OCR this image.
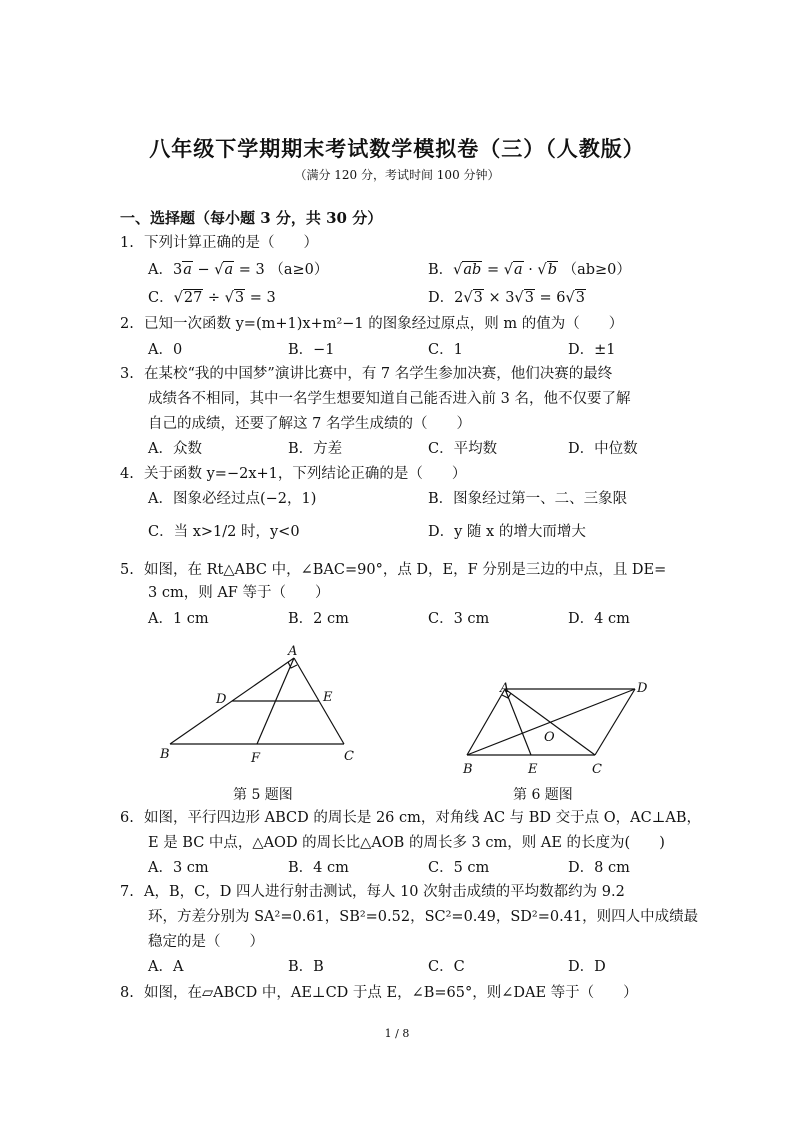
八年级下学期期末考试数学模拟卷（三）（人教版）
（满分 120 分，考试时间 100 分钟）
一、选择题（每小题 3 分，共 30 分）
1. 下列计算正确的是（　　）
A．3a − √a = 3 （a≥0）	B．√ab = √a · √b （ab≥0）
C．√27 ÷ √3 = 3	D．2√3 × 3√3 = 6√3
2. 已知一次函数 y=(m+1)x+m²−1 的图象经过原点，则 m 的值为（　　）
A．0	B．−1	C．1	D．±1
3. 在某校“我的中国梦”演讲比赛中，有 7 名学生参加决赛，他们决赛的最终
成绩各不相同，其中一名学生想要知道自己能否进入前 3 名，他不仅要了解
自己的成绩，还要了解这 7 名学生成绩的（　　）
A．众数	B．方差	C．平均数	D．中位数
4. 关于函数 y=−2x+1，下列结论正确的是（　　）
A．图象必经过点(−2，1)	B．图象经过第一、二、三象限
C．当 x>1/2 时，y<0	D．y 随 x 的增大而增大
5. 如图，在 Rt△ABC 中，∠BAC=90°，点 D，E，F 分别是三边的中点，且 DE=
3 cm，则 AF 等于（　　）
A．1 cm	B．2 cm	C．3 cm	D．4 cm
A
B	C
D	E
F
第 5 题图
A
B	C
D
E
O
第 6 题图
6. 如图，平行四边形 ABCD 的周长是 26 cm，对角线 AC 与 BD 交于点 O，AC⊥AB，
E 是 BC 中点，△AOD 的周长比△AOB 的周长多 3 cm，则 AE 的长度为(　　)
A．3 cm	B．4 cm	C．5 cm	D．8 cm
7. A，B，C，D 四人进行射击测试，每人 10 次射击成绩的平均数都约为 9.2
环，方差分别为 SA²=0.61，SB²=0.52，SC²=0.49，SD²=0.41，则四人中成绩最
稳定的是（　　）
A．A	B．B	C．C	D．D
8. 如图，在▱ABCD 中，AE⊥CD 于点 E，∠B=65°，则∠DAE 等于（　　）
1 / 8
